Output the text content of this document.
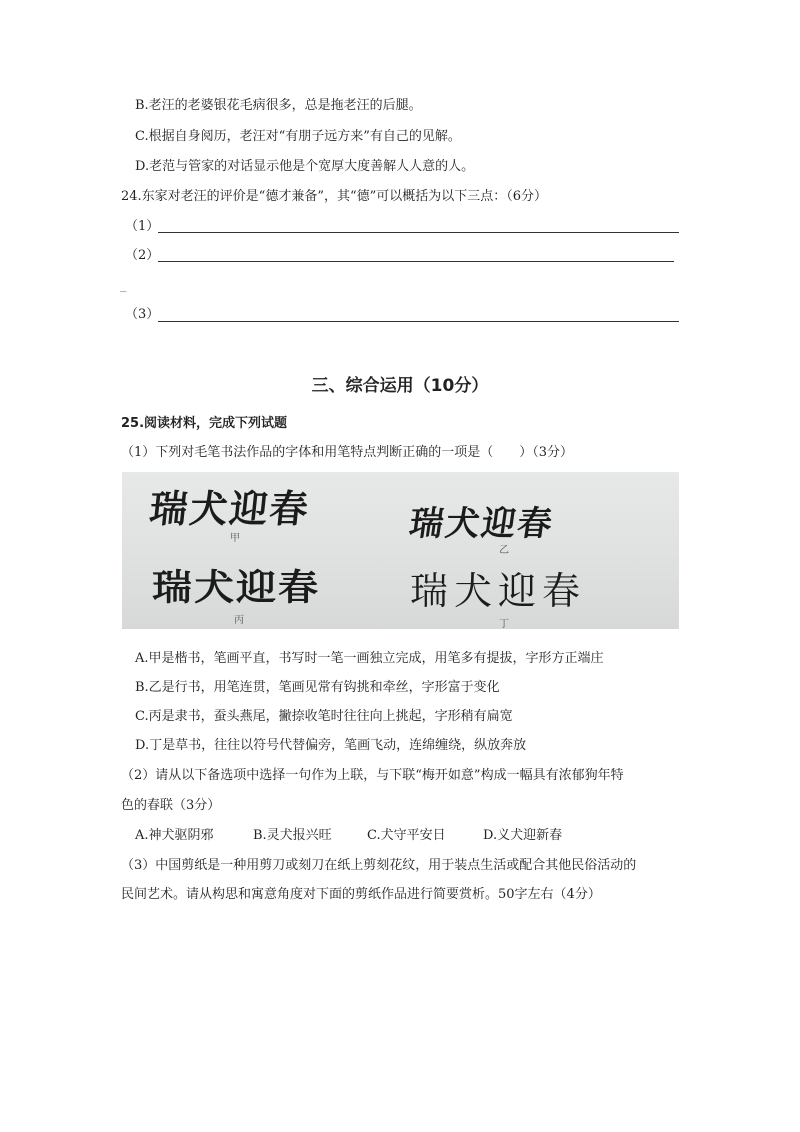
B.老汪的老婆银花毛病很多，总是拖老汪的后腿。
C.根据自身阅历，老汪对“有朋子远方来”有自己的见解。
D.老范与管家的对话显示他是个宽厚大度善解人人意的人。
24.东家对老汪的评价是“德才兼备”，其“德”可以概括为以下三点：（6分）
（1）
（2）
_
（3）
三、综合运用（10分）
25.阅读材料，完成下列试题
（1）下列对毛笔书法作品的字体和用笔特点判断正确的一项是（　　）（3分）
瑞犬迎春
甲	瑞犬迎春
乙
瑞犬迎春
丙
瑞犬迎春
丁
A.甲是楷书，笔画平直，书写时一笔一画独立完成，用笔多有提拔，字形方正端庄
B.乙是行书，用笔连贯，笔画见常有钩挑和牵丝，字形富于变化
C.丙是隶书，蚕头燕尾，撇捺收笔时往往向上挑起，字形稍有扁宽
D.丁是草书，往往以符号代替偏旁，笔画飞动，连绵缠绕，纵放奔放
（2）请从以下备选项中选择一句作为上联，与下联“梅开如意”构成一幅具有浓郁狗年特
色的春联（3分）
A.神犬驱阴邪	B.灵犬报兴旺	C.犬守平安日	D.义犬迎新春
（3）中国剪纸是一种用剪刀或刻刀在纸上剪刻花纹，用于装点生活或配合其他民俗活动的
民间艺术。请从构思和寓意角度对下面的剪纸作品进行简要赏析。50字左右（4分）
